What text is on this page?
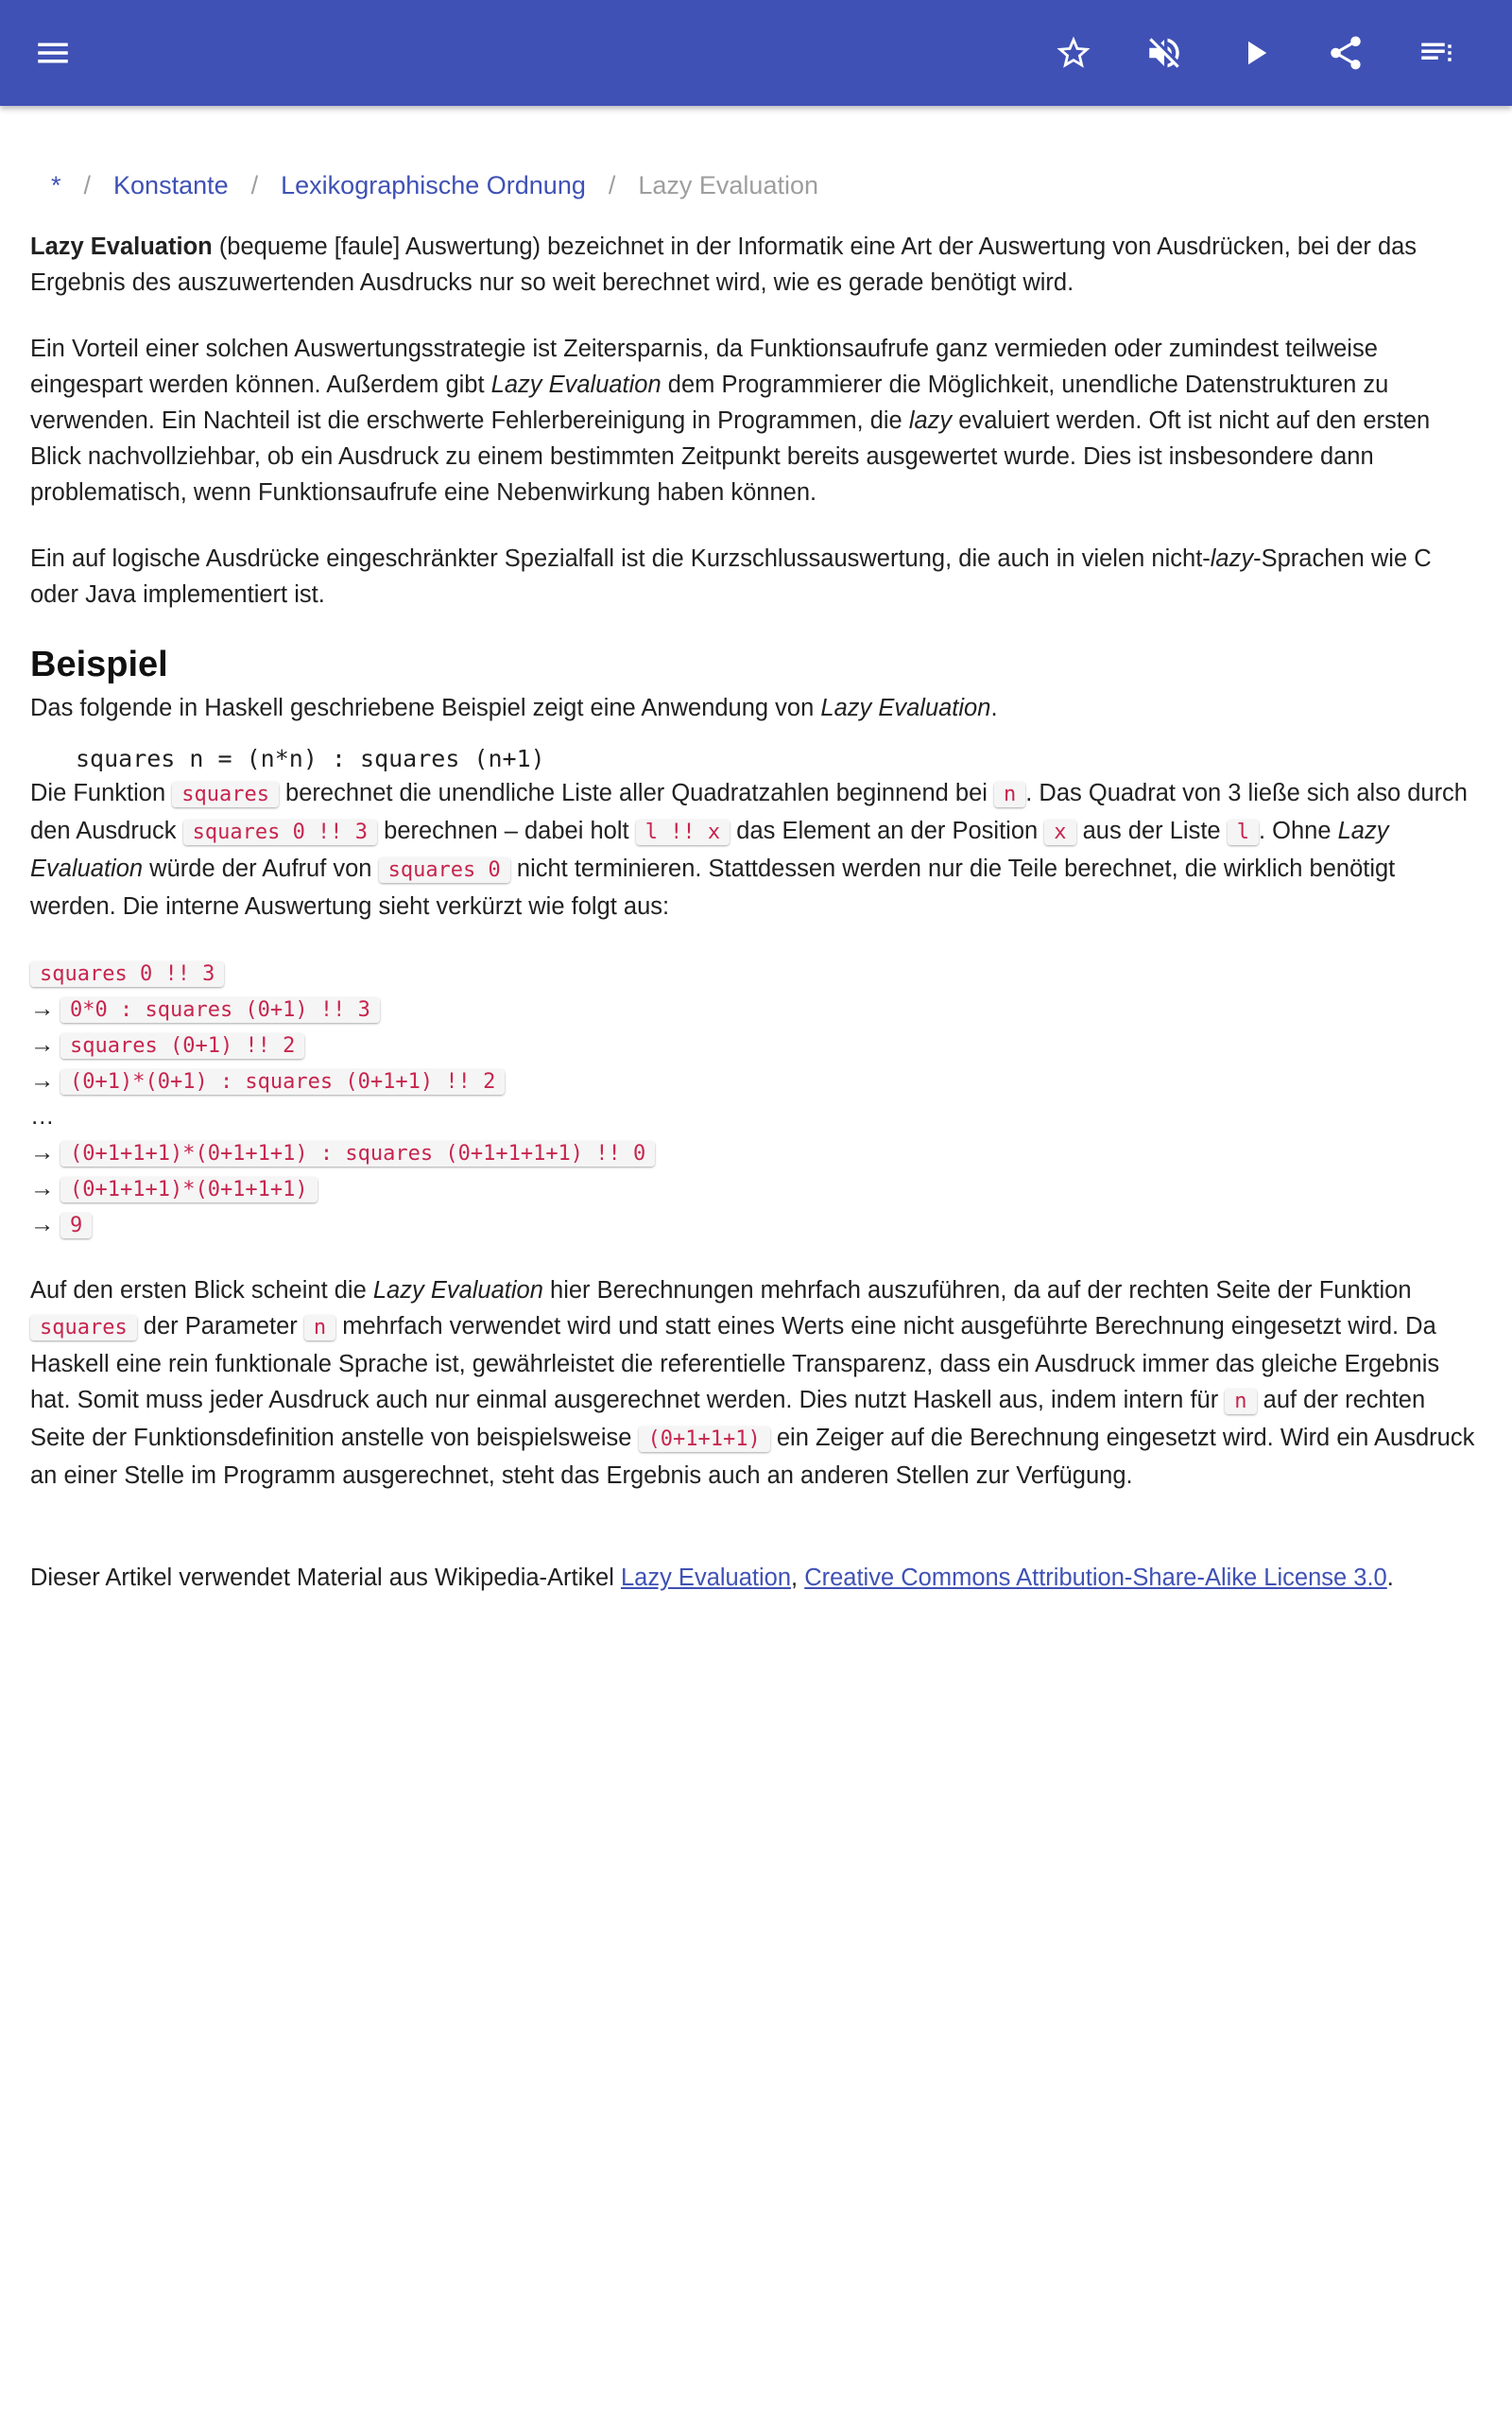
* / Konstante / Lexikographische Ordnung / Lazy Evaluation

Lazy Evaluation (bequeme [faule] Auswertung) bezeichnet in der Informatik eine Art der Auswertung von Ausdrücken, bei der das Ergebnis des auszuwertenden Ausdrucks nur so weit berechnet wird, wie es gerade benötigt wird.

Ein Vorteil einer solchen Auswertungsstrategie ist Zeitersparnis, da Funktionsaufrufe ganz vermieden oder zumindest teilweise eingespart werden können. Außerdem gibt Lazy Evaluation dem Programmierer die Möglichkeit, unendliche Datenstrukturen zu verwenden. Ein Nachteil ist die erschwerte Fehlerbereinigung in Programmen, die lazy evaluiert werden. Oft ist nicht auf den ersten Blick nachvollziehbar, ob ein Ausdruck zu einem bestimmten Zeitpunkt bereits ausgewertet wurde. Dies ist insbesondere dann problematisch, wenn Funktionsaufrufe eine Nebenwirkung haben können.

Ein auf logische Ausdrücke eingeschränkter Spezialfall ist die Kurzschlussauswertung, die auch in vielen nicht-lazy-Sprachen wie C oder Java implementiert ist.

Beispiel
Das folgende in Haskell geschriebene Beispiel zeigt eine Anwendung von Lazy Evaluation.
squares n = (n*n) : squares (n+1)

Die Funktion squares berechnet die unendliche Liste aller Quadratzahlen beginnend bei n . Das Quadrat von 3 ließe sich also durch den Ausdruck squares 0 !! 3 berechnen – dabei holt l !! x das Element an der Position x aus der Liste l . Ohne Lazy Evaluation würde der Aufruf von squares 0 nicht terminieren. Stattdessen werden nur die Teile berechnet, die wirklich benötigt werden. Die interne Auswertung sieht verkürzt wie folgt aus:

squares 0 !! 3
→ 0*0 : squares (0+1) !! 3
→ squares (0+1) !! 2
→ (0+1)*(0+1) : squares (0+1+1) !! 2
…
→ (0+1+1+1)*(0+1+1+1) : squares (0+1+1+1+1) !! 0
→ (0+1+1+1)*(0+1+1+1)
→ 9

Auf den ersten Blick scheint die Lazy Evaluation hier Berechnungen mehrfach auszuführen, da auf der rechten Seite der Funktion squares der Parameter n mehrfach verwendet wird und statt eines Werts eine nicht ausgeführte Berechnung eingesetzt wird. Da Haskell eine rein funktionale Sprache ist, gewährleistet die referentielle Transparenz, dass ein Ausdruck immer das gleiche Ergebnis hat. Somit muss jeder Ausdruck auch nur einmal ausgerechnet werden. Dies nutzt Haskell aus, indem intern für n auf der rechten Seite der Funktionsdefinition anstelle von beispielsweise (0+1+1+1) ein Zeiger auf die Berechnung eingesetzt wird. Wird ein Ausdruck an einer Stelle im Programm ausgerechnet, steht das Ergebnis auch an anderen Stellen zur Verfügung.

Dieser Artikel verwendet Material aus Wikipedia-Artikel Lazy Evaluation, Creative Commons Attribution-Share-Alike License 3.0.
